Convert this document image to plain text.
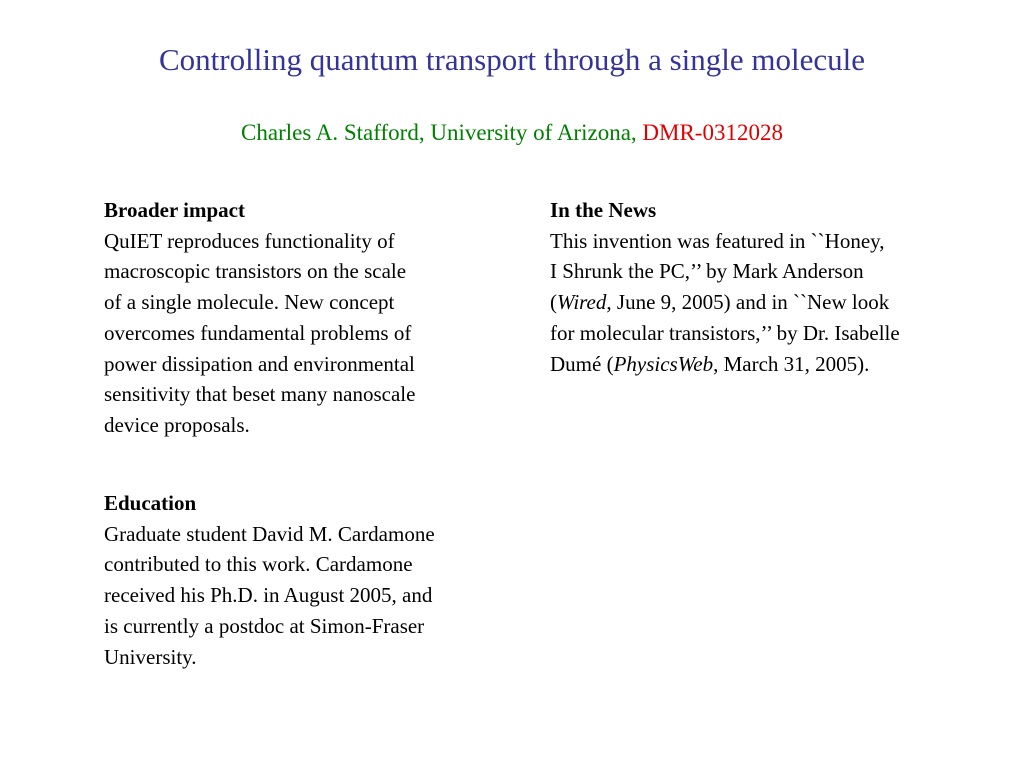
Controlling quantum transport through a single molecule
Charles A. Stafford, University of Arizona, DMR-0312028
Broader impact
QuIET reproduces functionality of
macroscopic transistors on the scale
of a single molecule. New concept
overcomes fundamental problems of
power dissipation and environmental
sensitivity that beset many nanoscale
device proposals.
Education
Graduate student David M. Cardamone
contributed to this work. Cardamone
received his Ph.D. in August 2005, and
is currently a postdoc at Simon-Fraser
University.
In the News
This invention was featured in ``Honey,
I Shrunk the PC,’’ by Mark Anderson
(Wired, June 9, 2005) and in ``New look
for molecular transistors,’’ by Dr. Isabelle
Dumé (PhysicsWeb, March 31, 2005).
